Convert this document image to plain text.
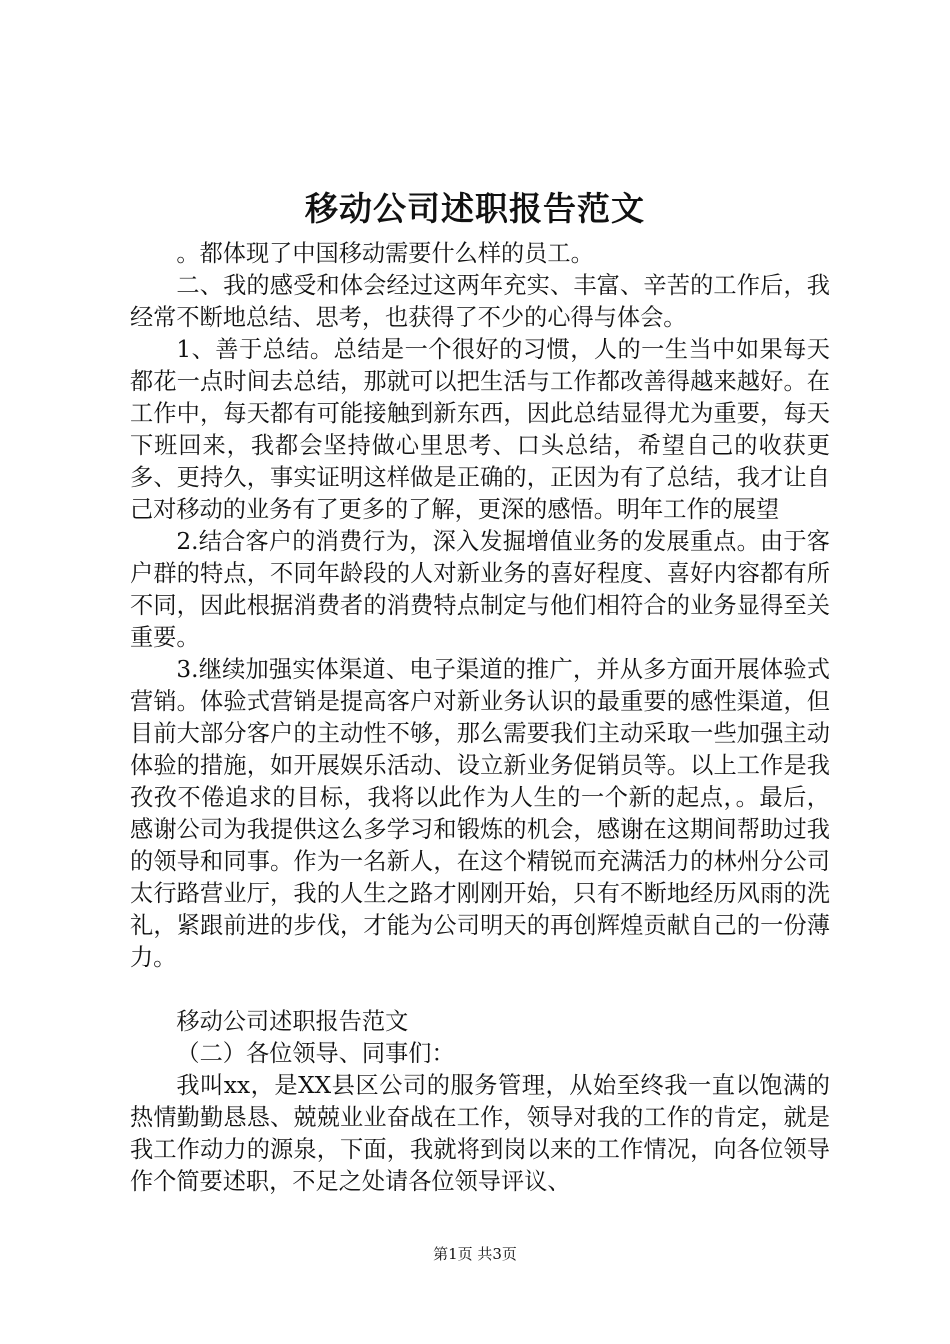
移动公司述职报告范文

。都体现了中国移动需要什么样的员工。

二、我的感受和体会经过这两年充实、丰富、辛苦的工作后，我经常不断地总结、思考，也获得了不少的心得与体会。

1、善于总结。总结是一个很好的习惯，人的一生当中如果每天都花一点时间去总结，那就可以把生活与工作都改善得越来越好。在工作中，每天都有可能接触到新东西，因此总结显得尤为重要，每天下班回来，我都会坚持做心里思考、口头总结，希望自己的收获更多、更持久，事实证明这样做是正确的，正因为有了总结，我才让自己对移动的业务有了更多的了解，更深的感悟。明年工作的展望

2.结合客户的消费行为，深入发掘增值业务的发展重点。由于客户群的特点，不同年龄段的人对新业务的喜好程度、喜好内容都有所不同，因此根据消费者的消费特点制定与他们相符合的业务显得至关重要。

3.继续加强实体渠道、电子渠道的推广，并从多方面开展体验式营销。体验式营销是提高客户对新业务认识的最重要的感性渠道，但目前大部分客户的主动性不够，那么需要我们主动采取一些加强主动体验的措施，如开展娱乐活动、设立新业务促销员等。以上工作是我孜孜不倦追求的目标，我将以此作为人生的一个新的起点，。最后，感谢公司为我提供这么多学习和锻炼的机会，感谢在这期间帮助过我的领导和同事。作为一名新人，在这个精锐而充满活力的林州分公司太行路营业厅，我的人生之路才刚刚开始，只有不断地经历风雨的洗礼，紧跟前进的步伐，才能为公司明天的再创辉煌贡献自己的一份薄力。

移动公司述职报告范文

（二）各位领导、同事们：

我叫xx，是XX县区公司的服务管理，从始至终我一直以饱满的热情勤勤恳恳、兢兢业业奋战在工作，领导对我的工作的肯定，就是我工作动力的源泉，下面，我就将到岗以来的工作情况，向各位领导作个简要述职，不足之处请各位领导评议、

第1页 共3页
